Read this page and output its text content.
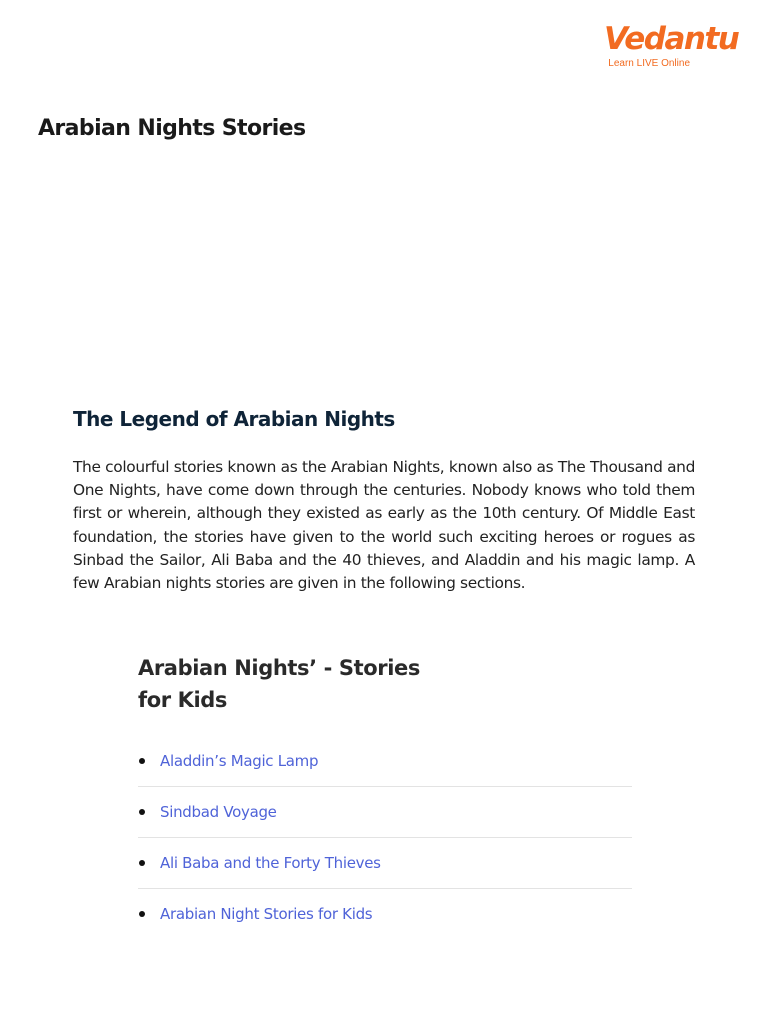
Vedantu
Learn LIVE Online
Arabian Nights Stories
The Legend of Arabian Nights

The colourful stories known as the Arabian Nights, known also as The Thousand and One Nights, have come down through the centuries. Nobody knows who told them first or wherein, although they existed as early as the 10th century. Of Middle East foundation, the stories have given to the world such exciting heroes or rogues as Sinbad the Sailor, Ali Baba and the 40 thieves, and Aladdin and his magic lamp. A few Arabian nights stories are given in the following sections.

Arabian Nights’ - Stories for Kids
Aladdin’s Magic Lamp
Sindbad Voyage
Ali Baba and the Forty Thieves
Arabian Night Stories for Kids
